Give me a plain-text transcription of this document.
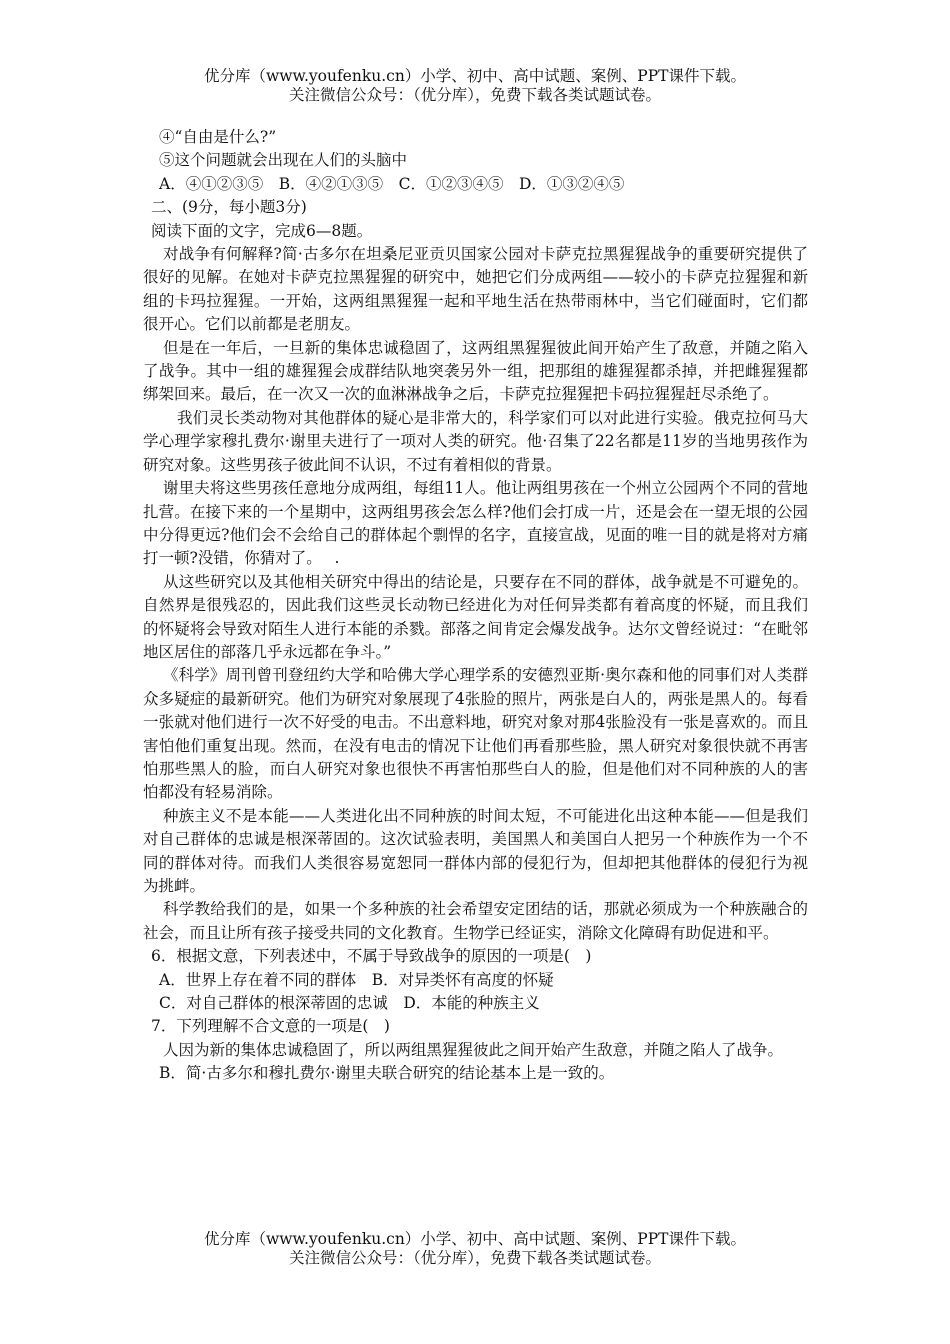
优分库（www.youfenku.cn）小学、初中、高中试题、案例、PPT课件下载。
关注微信公众号：（优分库），免费下载各类试题试卷。

④“自由是什么?”

⑤这个问题就会出现在人们的头脑中

A．④①②③⑤　B．④②①③⑤　C．①②③④⑤　D．①③②④⑤

二、(9分，每小题3分)

阅读下面的文字，完成6—8题。

对战争有何解释?简·古多尔在坦桑尼亚贡贝国家公园对卡萨克拉黑猩猩战争的重要研究提供了很好的见解。在她对卡萨克拉黑猩猩的研究中，她把它们分成两组——较小的卡萨克拉猩猩和新组的卡玛拉猩猩。一开始，这两组黑猩猩一起和平地生活在热带雨林中，当它们碰面时，它们都很开心。它们以前都是老朋友。

但是在一年后，一旦新的集体忠诚稳固了，这两组黑猩猩彼此间开始产生了敌意，并随之陷入了战争。其中一组的雄猩猩会成群结队地突袭另外一组，把那组的雄猩猩都杀掉，并把雌猩猩都绑架回来。最后，在一次又一次的血淋淋战争之后，卡萨克拉猩猩把卡码拉猩猩赶尽杀绝了。

我们灵长类动物对其他群体的疑心是非常大的，科学家们可以对此进行实验。俄克拉何马大学心理学家穆扎费尔·谢里夫进行了一项对人类的研究。他·召集了22名都是11岁的当地男孩作为研究对象。这些男孩子彼此间不认识，不过有着相似的背景。

谢里夫将这些男孩任意地分成两组，每组11人。他让两组男孩在一个州立公园两个不同的营地扎营。在接下来的一个星期中，这两组男孩会怎么样?他们会打成一片，还是会在一望无垠的公园中分得更远?他们会不会给自己的群体起个剽悍的名字，直接宣战，见面的唯一目的就是将对方痛打一顿?没错，你猜对了。　 .

从这些研究以及其他相关研究中得出的结论是，只要存在不同的群体，战争就是不可避免的。自然界是很残忍的，因此我们这些灵长动物已经进化为对任何异类都有着高度的怀疑，而且我们的怀疑将会导致对陌生人进行本能的杀戮。部落之间肯定会爆发战争。达尔文曾经说过：“在毗邻地区居住的部落几乎永远都在争斗。”

《科学》周刊曾刊登纽约大学和哈佛大学心理学系的安德烈亚斯·奥尔森和他的同事们对人类群众多疑症的最新研究。他们为研究对象展现了4张脸的照片，两张是白人的，两张是黑人的。每看一张就对他们进行一次不好受的电击。不出意料地，研究对象对那4张脸没有一张是喜欢的。而且害怕他们重复出现。然而，在没有电击的情况下让他们再看那些脸，黑人研究对象很快就不再害怕那些黑人的脸，而白人研究对象也很快不再害怕那些白人的脸，但是他们对不同种族的人的害怕都没有轻易消除。

种族主义不是本能——人类进化出不同种族的时间太短，不可能进化出这种本能——但是我们对自己群体的忠诚是根深蒂固的。这次试验表明，美国黑人和美国白人把另一个种族作为一个不同的群体对待。而我们人类很容易宽恕同一群体内部的侵犯行为，但却把其他群体的侵犯行为视为挑衅。

科学教给我们的是，如果一个多种族的社会希望安定团结的话，那就必须成为一个种族融合的社会，而且让所有孩子接受共同的文化教育。生物学已经证实，消除文化障碍有助促进和平。

6．根据文意，下列表述中，不属于导致战争的原因的一项是(　)

A．世界上存在着不同的群体　B．对异类怀有高度的怀疑

C．对自己群体的根深蒂固的忠诚　D．本能的种族主义

7．下列理解不合文意的一项是(　)

人因为新的集体忠诚稳固了，所以两组黑猩猩彼此之间开始产生敌意，并随之陷人了战争。

B．简·古多尔和穆扎费尔·谢里夫联合研究的结论基本上是一致的。

优分库（www.youfenku.cn）小学、初中、高中试题、案例、PPT课件下载。
关注微信公众号：（优分库），免费下载各类试题试卷。
